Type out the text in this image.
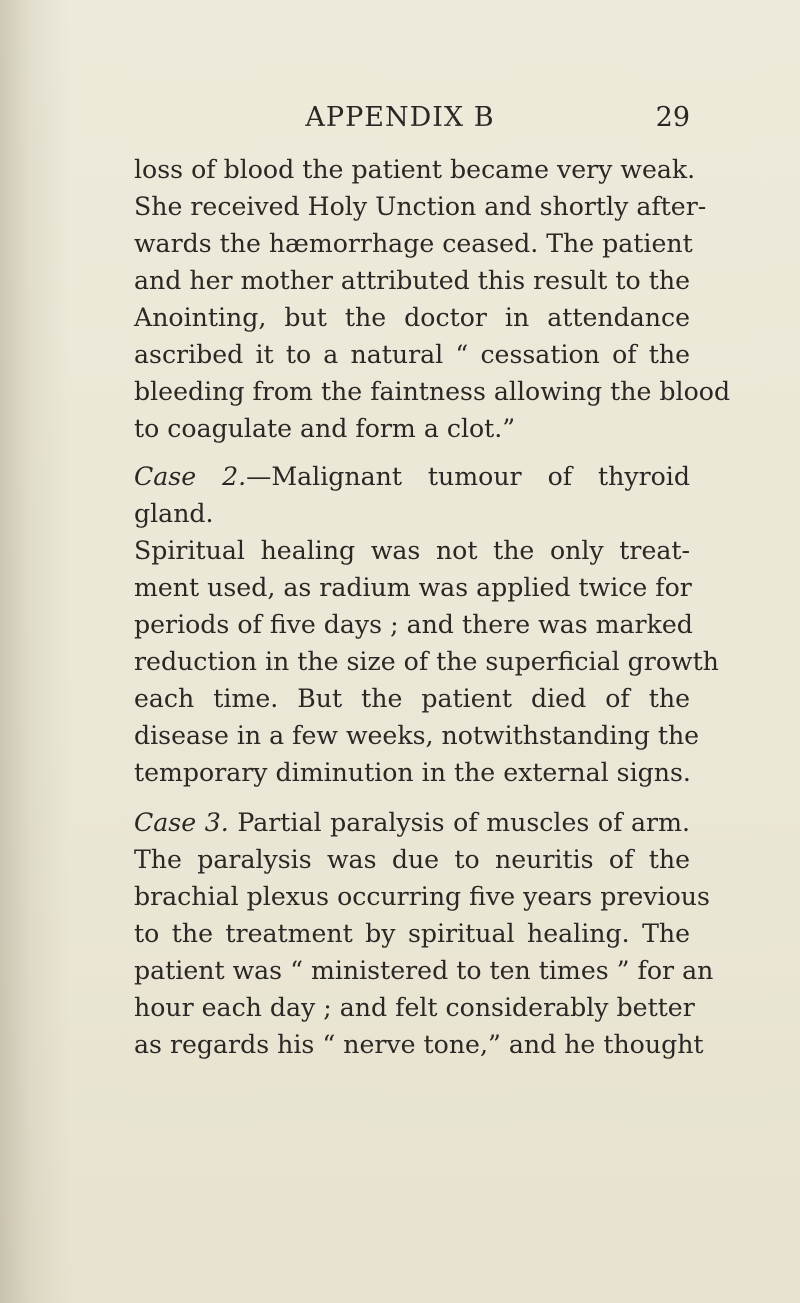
APPENDIX B	29

loss of blood the patient became very weak.
She received Holy Unction and shortly after-
wards the hæmorrhage ceased. The patient
and her mother attributed this result to the
Anointing, but the doctor in attendance
ascribed it to a natural “ cessation of the
bleeding from the faintness allowing the blood
to coagulate and form a clot.”

Case 2.—Malignant tumour of thyroid
gland.

Spiritual healing was not the only treat-
ment used, as radium was applied twice for
periods of five days ; and there was marked
reduction in the size of the superficial growth
each time. But the patient died of the
disease in a few weeks, notwithstanding the
temporary diminution in the external signs.

Case 3. Partial paralysis of muscles of arm.

The paralysis was due to neuritis of the
brachial plexus occurring five years previous
to the treatment by spiritual healing. The
patient was “ ministered to ten times ” for an
hour each day ; and felt considerably better
as regards his “ nerve tone,” and he thought
